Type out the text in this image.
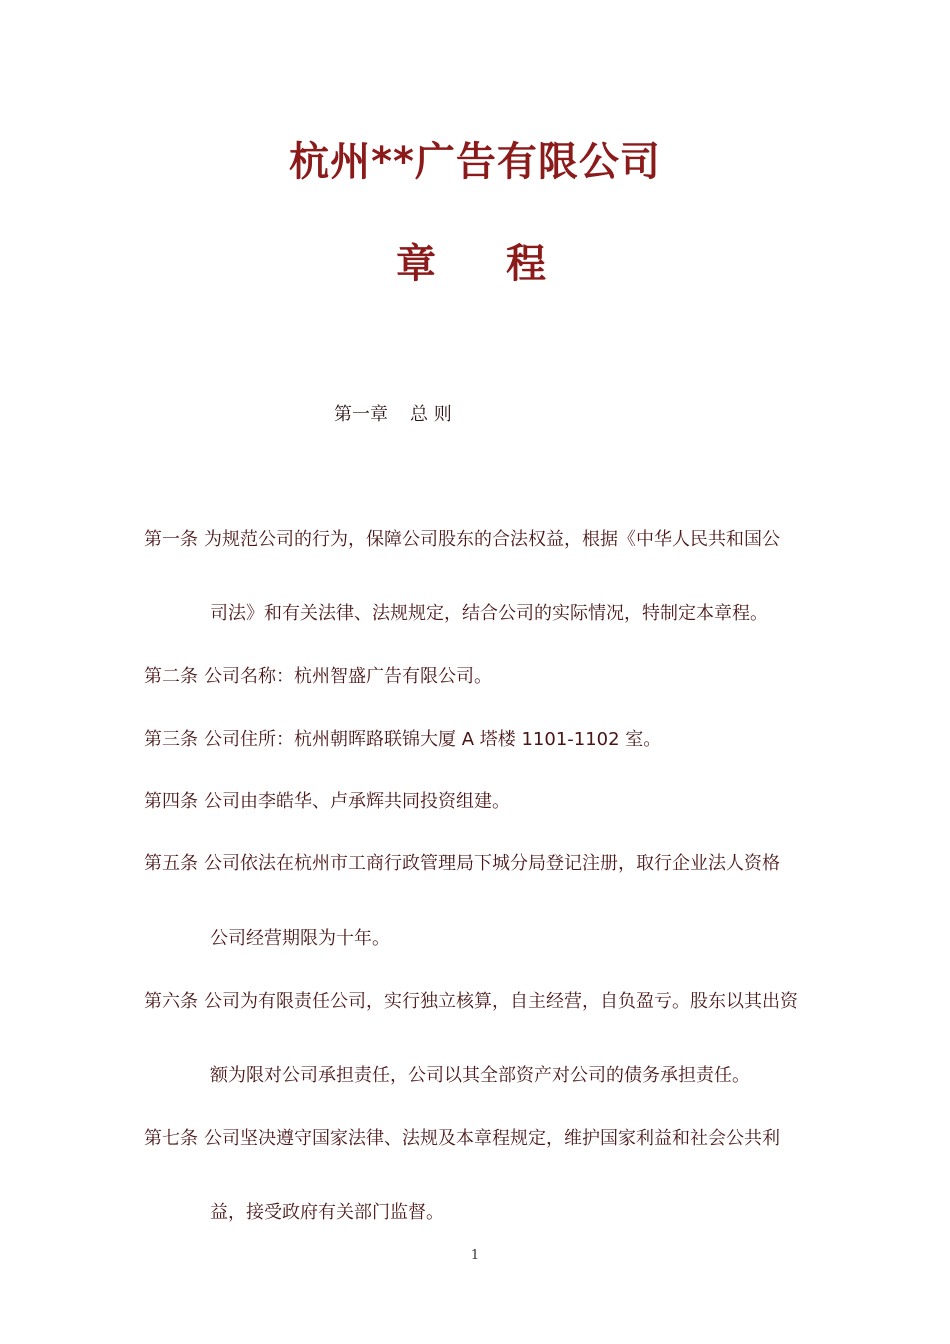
杭州**广告有限公司
章 程
第一章 总 则
第一条 为规范公司的行为，保障公司股东的合法权益，根据《中华人民共和国公
司法》和有关法律、法规规定，结合公司的实际情况，特制定本章程。
第二条 公司名称：杭州智盛广告有限公司。
第三条 公司住所：杭州朝晖路联锦大厦 A 塔楼 1101-1102 室。
第四条 公司由李皓华、卢承辉共同投资组建。
第五条 公司依法在杭州市工商行政管理局下城分局登记注册，取行企业法人资格
公司经营期限为十年。
第六条 公司为有限责任公司，实行独立核算，自主经营，自负盈亏。股东以其出资
额为限对公司承担责任，公司以其全部资产对公司的债务承担责任。
第七条 公司坚决遵守国家法律、法规及本章程规定，维护国家利益和社会公共利
益，接受政府有关部门监督。
1
